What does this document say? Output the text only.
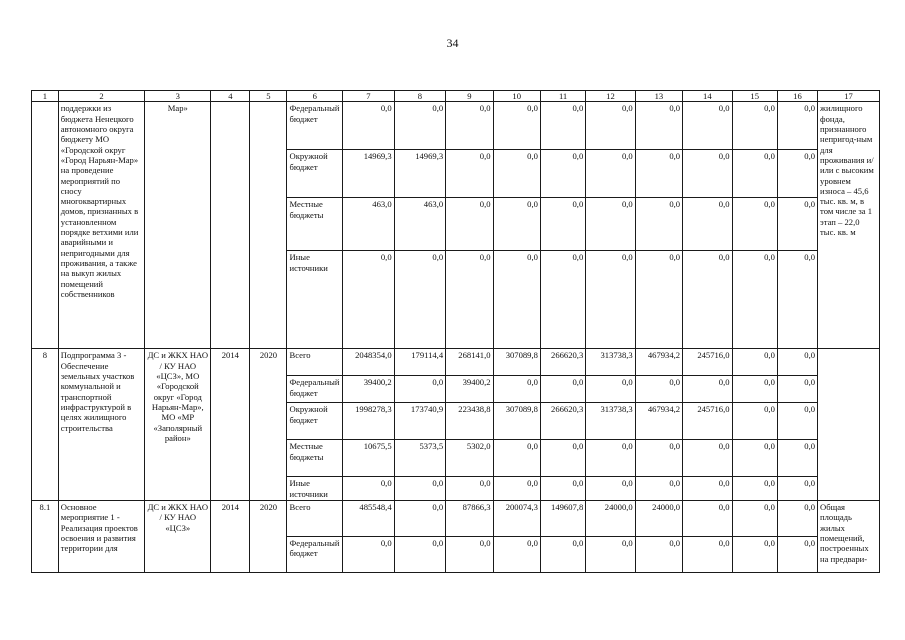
34
1	2	3	4	5	6	7	8	9	10	11	12	13	14	15	16	17
	поддержки из бюджета Ненецкого автономного округа бюджету МО «Городской округ «Город Нарьян-Мар» на проведение мероприятий по сносу многоквартирных домов, признанных в установленном порядке ветхими или аварийными и непригодными для проживания, а также на выкуп жилых помещений собственников	Мар»			Федеральный бюджет	0,0	0,0	0,0	0,0	0,0	0,0	0,0	0,0	0,0	0,0	жилищного фонда, признанного непригод-ным для проживания и/или с высоким уровнем износа – 45,6 тыс. кв. м, в том числе за 1 этап – 22,0 тыс. кв. м
					Окружной бюджет	14969,3	14969,3	0,0	0,0	0,0	0,0	0,0	0,0	0,0	0,0	
					Местные бюджеты	463,0	463,0	0,0	0,0	0,0	0,0	0,0	0,0	0,0	0,0	
					Иные источники	0,0	0,0	0,0	0,0	0,0	0,0	0,0	0,0	0,0	0,0	
8	Подпрограмма 3 - Обеспечение земельных участков коммунальной и транспортной инфраструктурой в целях жилищного строительства	ДС и ЖКХ НАО / КУ НАО «ЦСЗ», МО «Городской округ «Город Нарьян-Мар», МО «МР «Заполярный район»	2014	2020	Всего	2048354,0	179114,4	268141,0	307089,8	266620,3	313738,3	467934,2	245716,0	0,0	0,0	
					Федеральный бюджет	39400,2	0,0	39400,2	0,0	0,0	0,0	0,0	0,0	0,0	0,0	
					Окружной бюджет	1998278,3	173740,9	223438,8	307089,8	266620,3	313738,3	467934,2	245716,0	0,0	0,0	
					Местные бюджеты	10675,5	5373,5	5302,0	0,0	0,0	0,0	0,0	0,0	0,0	0,0	
					Иные источники	0,0	0,0	0,0	0,0	0,0	0,0	0,0	0,0	0,0	0,0	
8.1	Основное мероприятие 1 - Реализация проектов освоения и развития территории для	ДС и ЖКХ НАО / КУ НАО «ЦСЗ»	2014	2020	Всего	485548,4	0,0	87866,3	200074,3	149607,8	24000,0	24000,0	0,0	0,0	0,0	Общая площадь жилых помещений, построенных на предвари-
					Федеральный бюджет	0,0	0,0	0,0	0,0	0,0	0,0	0,0	0,0	0,0	0,0	
